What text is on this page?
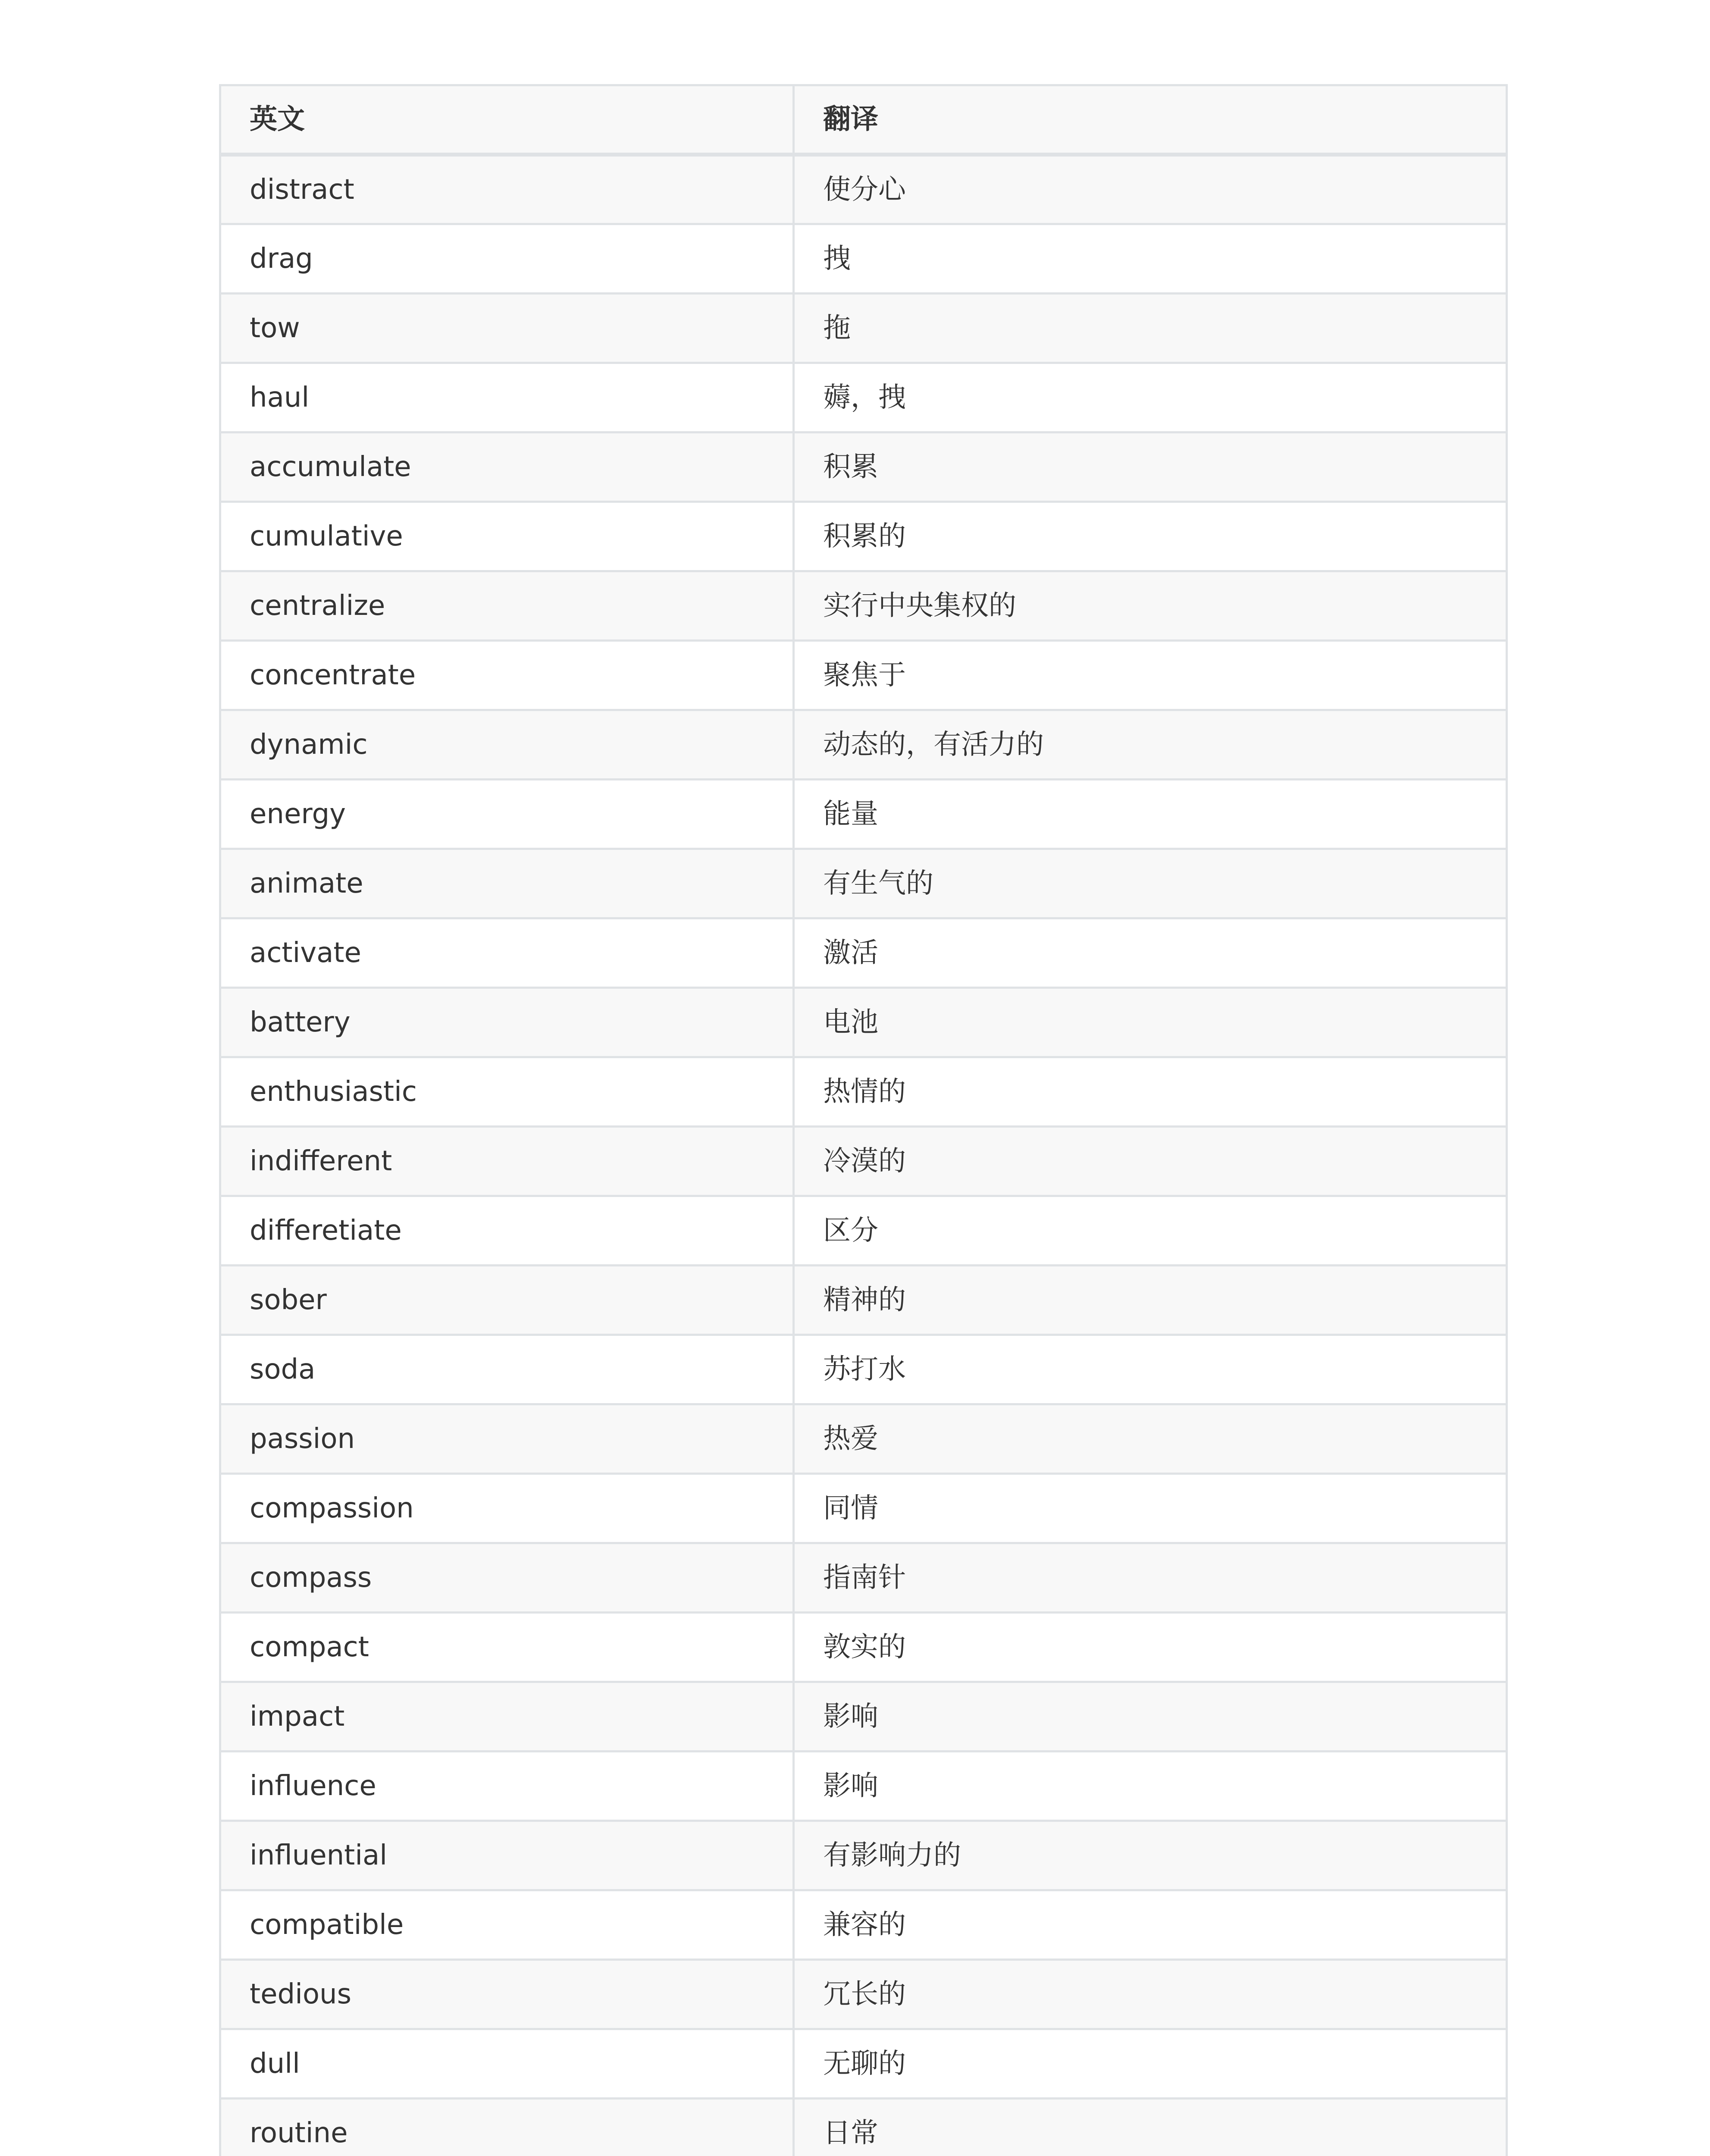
英文	翻译
distract	使分心
drag	拽
tow	拖
haul	薅，拽
accumulate	积累
cumulative	积累的
centralize	实行中央集权的
concentrate	聚焦于
dynamic	动态的，有活力的
energy	能量
animate	有生气的
activate	激活
battery	电池
enthusiastic	热情的
indifferent	冷漠的
differetiate	区分
sober	精神的
soda	苏打水
passion	热爱
compassion	同情
compass	指南针
compact	敦实的
impact	影响
influence	影响
influential	有影响力的
compatible	兼容的
tedious	冗长的
dull	无聊的
routine	日常
